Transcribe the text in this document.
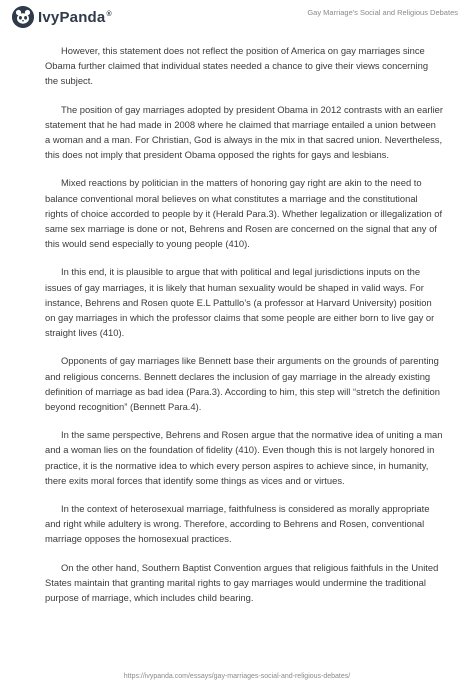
IvyPanda®	Gay Marriage's Social and Religious Debates

However, this statement does not reflect the position of America on gay marriages since Obama further claimed that individual states needed a chance to give their views concerning the subject.

The position of gay marriages adopted by president Obama in 2012 contrasts with an earlier statement that he had made in 2008 where he claimed that marriage entailed a union between a woman and a man. For Christian, God is always in the mix in that sacred union. Nevertheless, this does not imply that president Obama opposed the rights for gays and lesbians.

Mixed reactions by politician in the matters of honoring gay right are akin to the need to balance conventional moral believes on what constitutes a marriage and the constitutional rights of choice accorded to people by it (Herald Para.3). Whether legalization or illegalization of same sex marriage is done or not, Behrens and Rosen are concerned on the signal that any of this would send especially to young people (410).

In this end, it is plausible to argue that with political and legal jurisdictions inputs on the issues of gay marriages, it is likely that human sexuality would be shaped in valid ways. For instance, Behrens and Rosen quote E.L Pattullo’s (a professor at Harvard University) position on gay marriages in which the professor claims that some people are either born to live gay or straight lives (410).

Opponents of gay marriages like Bennett base their arguments on the grounds of parenting and religious concerns. Bennett declares the inclusion of gay marriage in the already existing definition of marriage as bad idea (Para.3). According to him, this step will “stretch the definition beyond recognition” (Bennett Para.4).

In the same perspective, Behrens and Rosen argue that the normative idea of uniting a man and a woman lies on the foundation of fidelity (410). Even though this is not largely honored in practice, it is the normative idea to which every person aspires to achieve since, in humanity, there exits moral forces that identify some things as vices and or virtues.

In the context of heterosexual marriage, faithfulness is considered as morally appropriate and right while adultery is wrong. Therefore, according to Behrens and Rosen, conventional marriage opposes the homosexual practices.

On the other hand, Southern Baptist Convention argues that religious faithfuls in the United States maintain that granting marital rights to gay marriages would undermine the traditional purpose of marriage, which includes child bearing.

https://ivypanda.com/essays/gay-marriages-social-and-religious-debates/
